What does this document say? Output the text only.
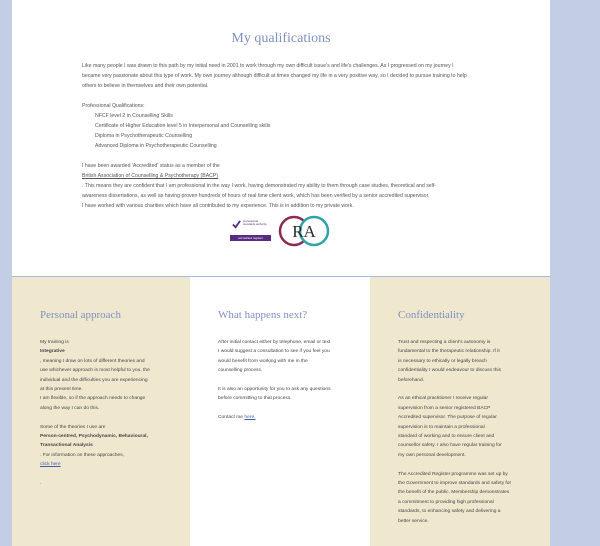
My qualifications

Like many people I was drawn to this path by my initial need in 2001 to work through my own difficult issue's and life's challenges. As I progressed on my journey I

became very passionate about this type of work. My own journey although difficult at times changed my life in a very positive way, so I decided to pursue training to help

others to believe in themselves and their own potential.

Professional Qualifications:

NFCF level 2 in Counselling Skills
Certificate of Higher Education level 5 in Interpersonal and Counselling skills
Diploma in Psychotherapeutic Counselling
Advanced Diploma in Psychotherapeutic Counselling

I have been awarded 'Accredited' status as a member of the

British Association of Counselling & Psychotherapy (BACP)

. This means they are confident that I am professional in the way I work, having demonstrated my ability to them through case studies, theoretical and self-

awareness dissertations, as well as having proven hundreds of hours of real time client work, which has been verified by a senior accredited supervisor.

I have worked with various charities which have all contributed to my experience. This is in addition to my private work.

professional standards authority
accredited register	RA
Personal approach

My training is

Integrative

, meaning I draw on lots of different theories and

use whichever approach is most helpful to you, the

individual and the difficulties you are experiencing

at this present time.

I am flexible, so if the approach needs to change

along the way I can do this.

Some of the theories I use are

Person-centred, Psychodynamic, Behavioural,

Transactional Analysis

. For information on these approaches,

click here

.

What happens next?

After initial contact either by telephone, email or text

I would suggest a consultation to see if you feel you

would benefit from working with me in the

counselling process.

It is also an opportunity for you to ask any questions

before committing to that process.

Contact me here.

Confidentiality

Trust and respecting a client's autonomy is

fundamental to the therapeutic relationship. If it

is necessary to ethically or legally breach

confidentiality I would endeavour to discuss this

beforehand.

As an ethical practitioner I receive regular

supervision from a senior registered BACP

Accredited supervisor. The purpose of regular

supervision is to maintain a professional

standard of working and to ensure client and

counsellor safety. I also have regular training for

my own personal development.

The Accredited Register programme was set up by

the Government to improve standards and safety for

the benefit of the public. Membership demonstrates

a commitment to providing high professional

standards, to enhancing safety and delivering a

better service.
